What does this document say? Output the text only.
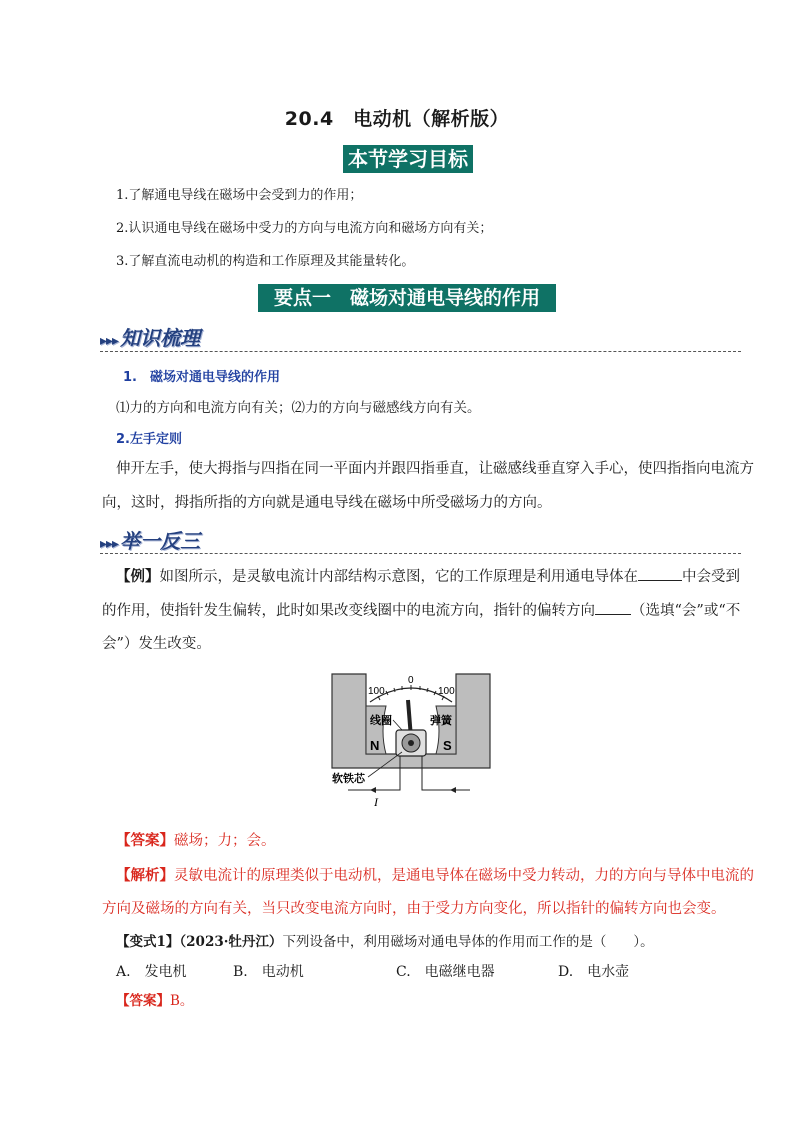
20.4　电动机（解析版）
本节学习目标
1.了解通电导线在磁场中会受到力的作用；
2.认识通电导线在磁场中受力的方向与电流方向和磁场方向有关；
3.了解直流电动机的构造和工作原理及其能量转化。
要点一　磁场对通电导线的作用
▸▸▸ 知识梳理
1.　磁场对通电导线的作用
⑴力的方向和电流方向有关；⑵力的方向与磁感线方向有关。
2.左手定则
伸开左手，使大拇指与四指在同一平面内并跟四指垂直，让磁感线垂直穿入手心，使四指指向电流方
向，这时，拇指所指的方向就是通电导线在磁场中所受磁场力的方向。
▸▸▸ 举一反三
【例】如图所示，是灵敏电流计内部结构示意图，它的工作原理是利用通电导体在	中会受到
的作用，使指针发生偏转，此时如果改变线圈中的电流方向，指针的偏转方向 （选填“会”或“不
会”）发生改变。
100
0
100
线圈	弹簧
N	S
软铁芯
I
【答案】磁场；力；会。
【解析】灵敏电流计的原理类似于电动机，是通电导体在磁场中受力转动，力的方向与导体中电流的
方向及磁场的方向有关，当只改变电流方向时，由于受力方向变化，所以指针的偏转方向也会变。
【变式1】（2023·牡丹江）下列设备中，利用磁场对通电导体的作用而工作的是（　　）。
A.　发电机	B.　电动机	C.　电磁继电器	D.　电水壶
【答案】B。
